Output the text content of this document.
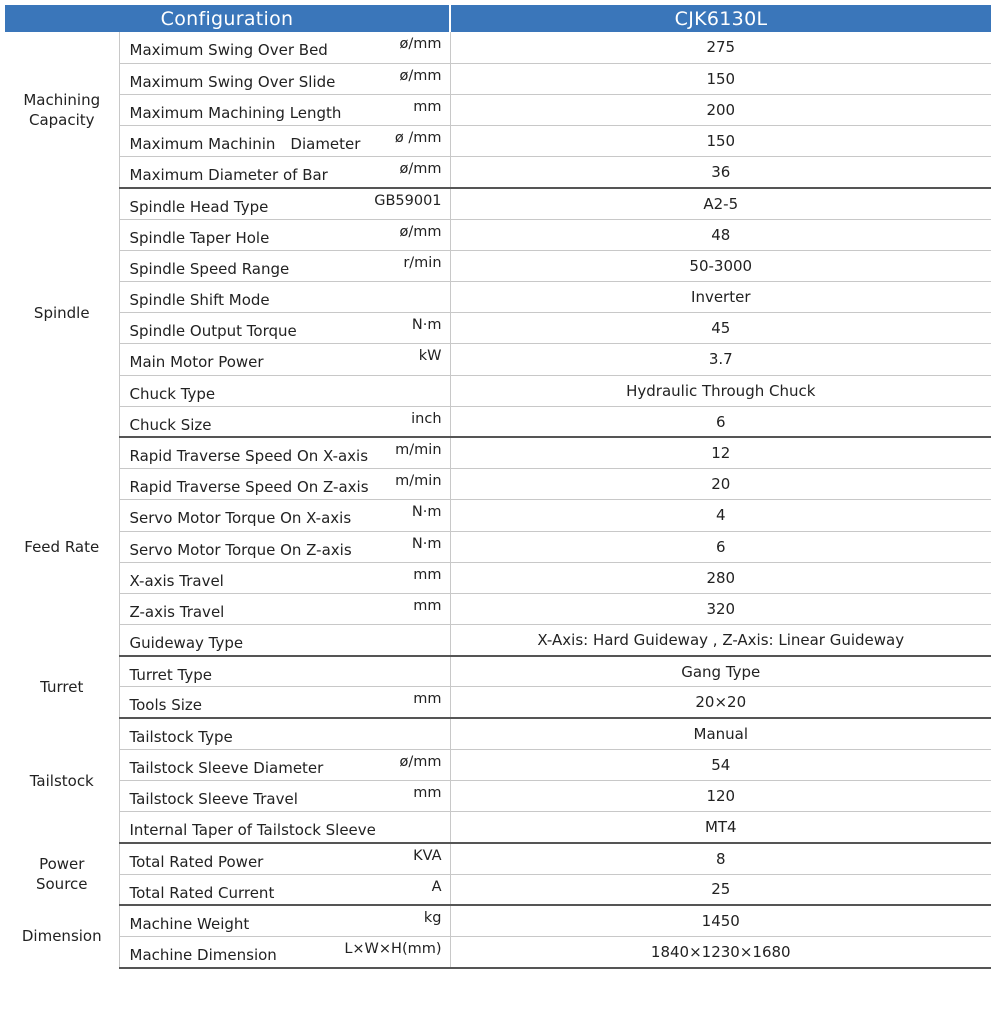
Configuration		CJK6130L
Machining Capacity	Maximum Swing Over Bed ø/mm	275

	Maximum Swing Over Slide ø/mm	150

	Maximum Machining Length mm	200

	Maximum Machinin Diameter ø /mm	150

	Maximum Diameter of Bar ø/mm	36
Spindle	Spindle Head Type GB59001	A2-5

	Spindle Taper Hole ø/mm	48

	Spindle Speed Range r/min	50-3000

	Spindle Shift Mode	Inverter

	Spindle Output Torque N·m	45

	Main Motor Power kW	3.7

	Chuck Type	Hydraulic Through Chuck

	Chuck Size inch	6
Feed Rate	Rapid Traverse Speed On X-axis m/min	12

	Rapid Traverse Speed On Z-axis m/min	20

	Servo Motor Torque On X-axis N·m	4

	Servo Motor Torque On Z-axis N·m	6

	X-axis Travel mm	280

	Z-axis Travel mm	320

	Guideway Type	X-Axis: Hard Guideway , Z-Axis: Linear Guideway
Turret	Turret Type	Gang Type

	Tools Size mm	20×20
Tailstock	Tailstock Type	Manual

	Tailstock Sleeve Diameter ø/mm	54

	Tailstock Sleeve Travel mm	120

	Internal Taper of Tailstock Sleeve	MT4
Power
Source	Total Rated Power KVA	8

	Total Rated Current A	25
Dimension	Machine Weight kg	1450

	Machine Dimension L×W×H(mm)	1840×1230×1680
